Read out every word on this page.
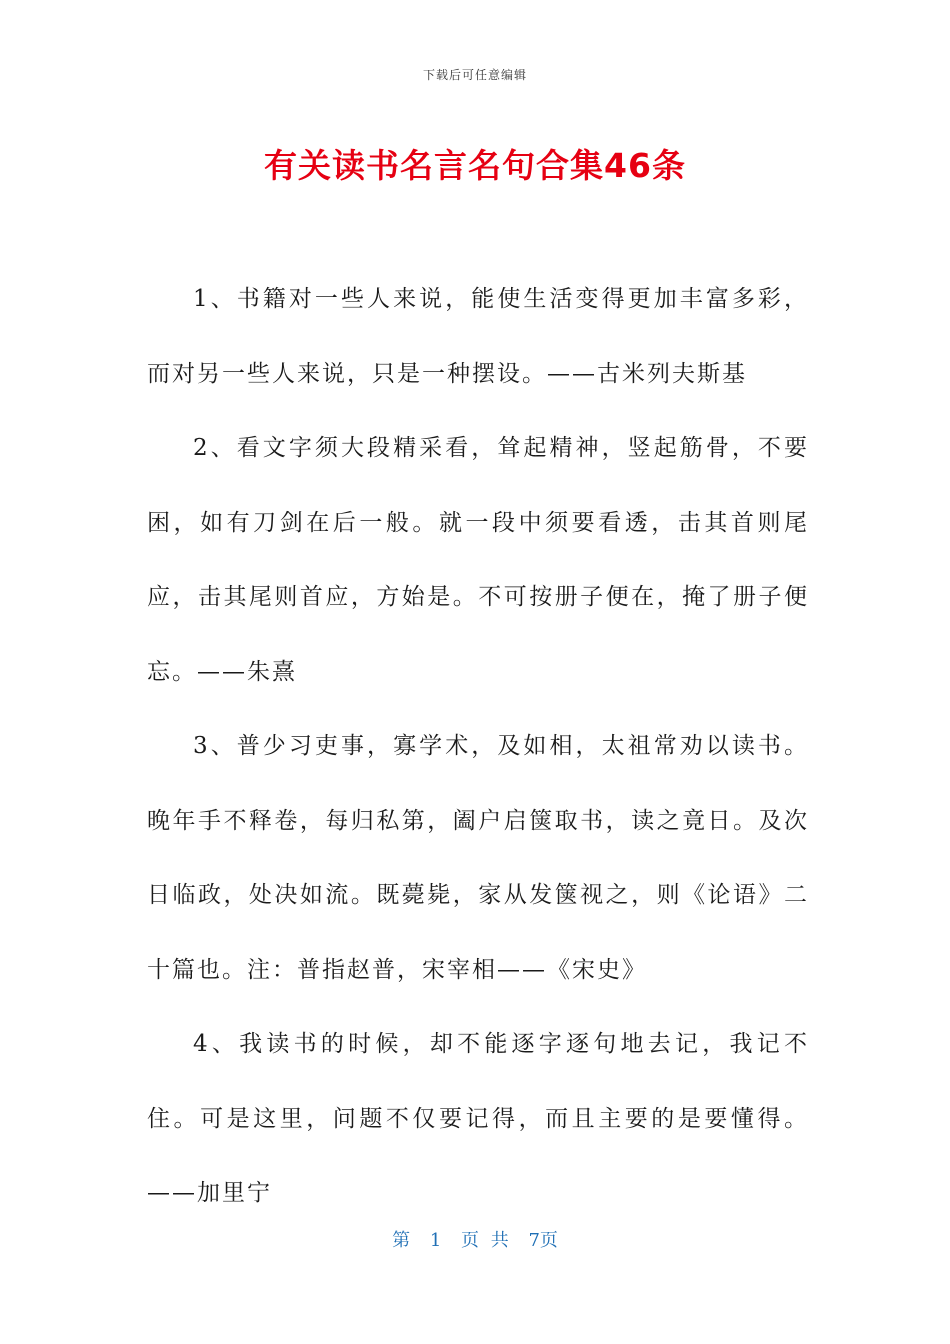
下载后可任意编辑
有关读书名言名句合集46条

1、书籍对一些人来说，能使生活变得更加丰富多彩，而对另一些人来说，只是一种摆设。——古米列夫斯基

2、看文字须大段精采看，耸起精神，竖起筋骨，不要困，如有刀剑在后一般。就一段中须要看透，击其首则尾应，击其尾则首应，方始是。不可按册子便在，掩了册子便忘。——朱熹

3、普少习吏事，寡学术，及如相，太祖常劝以读书。晚年手不释卷，每归私第，阖户启箧取书，读之竟日。及次日临政，处决如流。既薨毙，家从发箧视之，则《论语》二十篇也。注：普指赵普，宋宰相——《宋史》

4、我读书的时候，却不能逐字逐句地去记，我记不住。可是这里，问题不仅要记得，而且主要的是要懂得。——加里宁

第 1 页 共 7页
